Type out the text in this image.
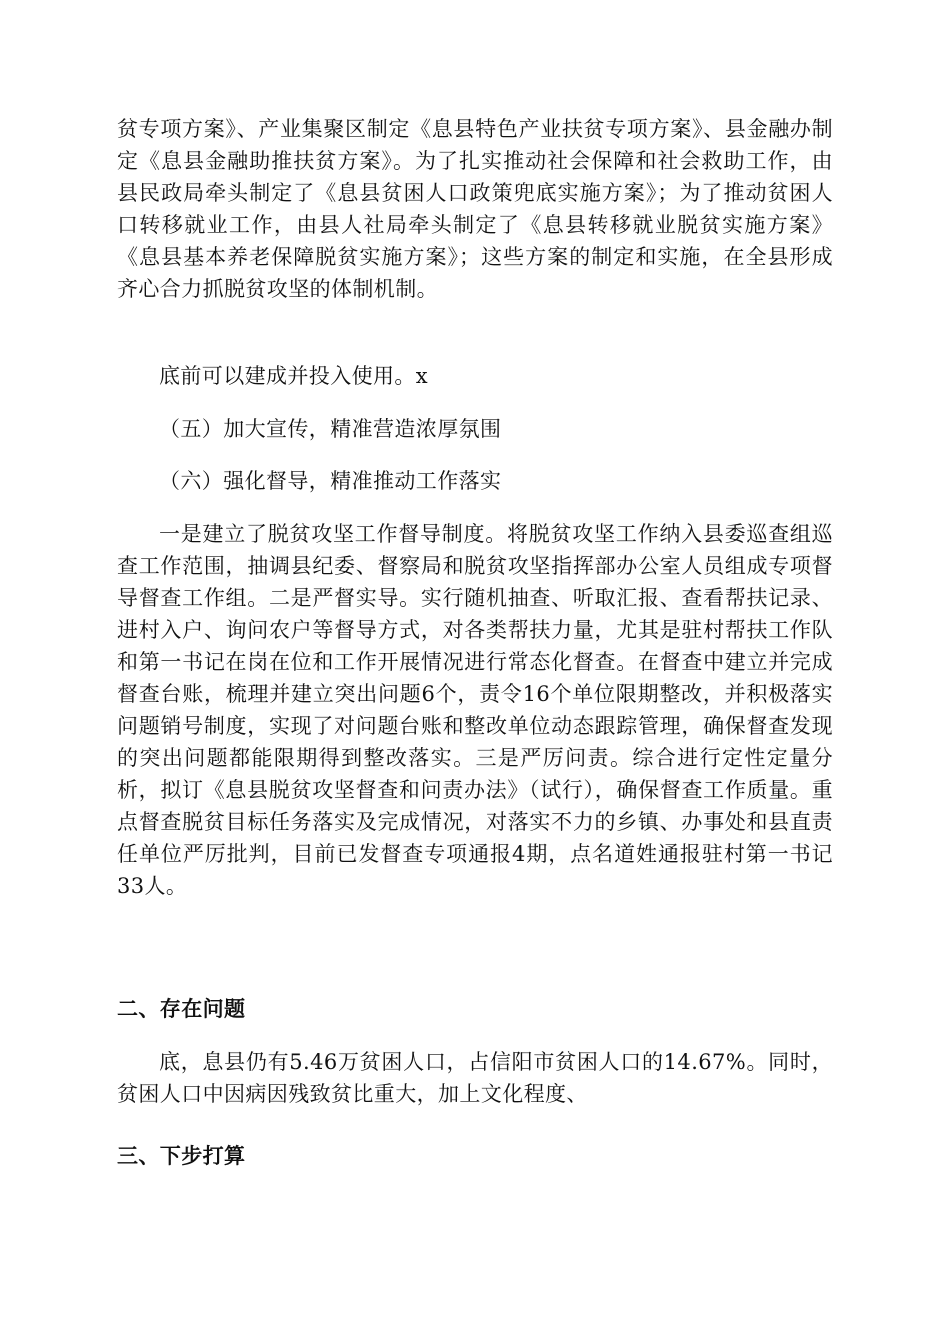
贫专项方案》、产业集聚区制定《息县特色产业扶贫专项方案》、县金融办制定《息县金融助推扶贫方案》。为了扎实推动社会保障和社会救助工作，由县民政局牵头制定了《息县贫困人口政策兜底实施方案》；为了推动贫困人口转移就业工作，由县人社局牵头制定了《息县转移就业脱贫实施方案》《息县基本养老保障脱贫实施方案》；这些方案的制定和实施，在全县形成齐心合力抓脱贫攻坚的体制机制。

底前可以建成并投入使用。x

（五）加大宣传，精准营造浓厚氛围
（六）强化督导，精准推动工作落实

一是建立了脱贫攻坚工作督导制度。将脱贫攻坚工作纳入县委巡查组巡查工作范围，抽调县纪委、督察局和脱贫攻坚指挥部办公室人员组成专项督导督查工作组。二是严督实导。实行随机抽查、听取汇报、查看帮扶记录、进村入户、询问农户等督导方式，对各类帮扶力量，尤其是驻村帮扶工作队和第一书记在岗在位和工作开展情况进行常态化督查。在督查中建立并完成督查台账，梳理并建立突出问题6个，责令16个单位限期整改，并积极落实问题销号制度，实现了对问题台账和整改单位动态跟踪管理，确保督查发现的突出问题都能限期得到整改落实。三是严厉问责。综合进行定性定量分析，拟订《息县脱贫攻坚督查和问责办法》（试行），确保督查工作质量。重点督查脱贫目标任务落实及完成情况，对落实不力的乡镇、办事处和县直责任单位严厉批判，目前已发督查专项通报4期，点名道姓通报驻村第一书记33人。

二、存在问题

底，息县仍有5.46万贫困人口，占信阳市贫困人口的14.67%。同时，贫困人口中因病因残致贫比重大，加上文化程度、

三、下步打算
